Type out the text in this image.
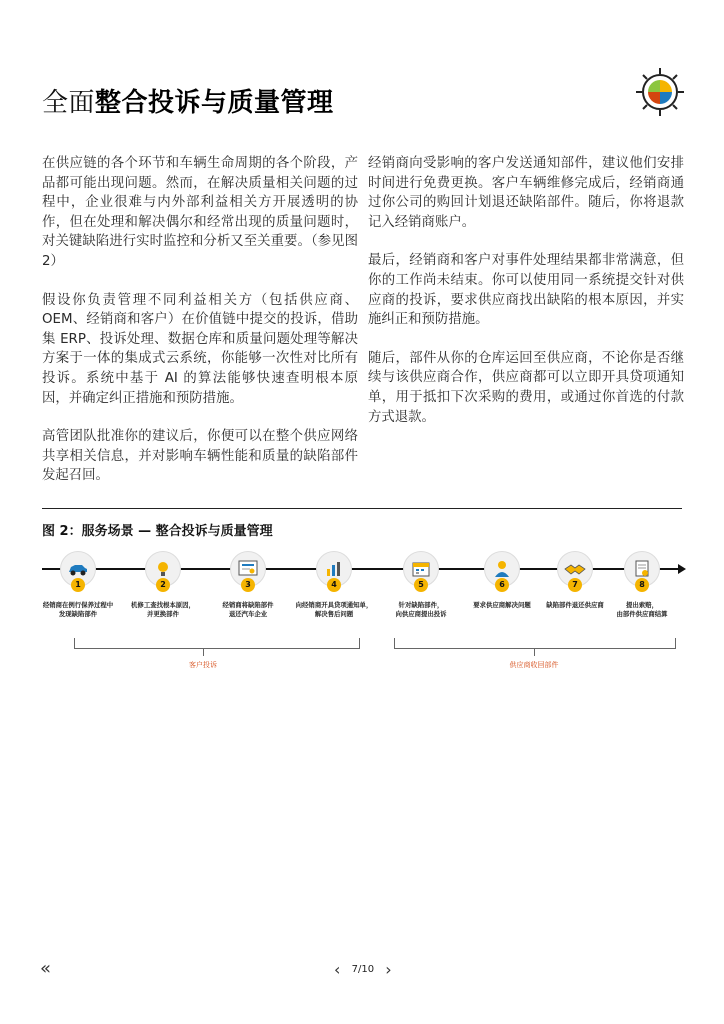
全面整合投诉与质量管理

在供应链的各个环节和车辆生命周期的各个阶段，产品都可能出现问题。然而，在解决质量相关问题的过程中，企业很难与内外部利益相关方开展透明的协作，但在处理和解决偶尔和经常出现的质量问题时，对关键缺陷进行实时监控和分析又至关重要。（参见图 2）

假设你负责管理不同利益相关方（包括供应商、OEM、经销商和客户）在价值链中提交的投诉，借助集 ERP、投诉处理、数据仓库和质量问题处理等解决方案于一体的集成式云系统，你能够一次性对比所有投诉。系统中基于 AI 的算法能够快速查明根本原因，并确定纠正措施和预防措施。

高管团队批准你的建议后，你便可以在整个供应网络共享相关信息，并对影响车辆性能和质量的缺陷部件发起召回。

经销商向受影响的客户发送通知部件，建议他们安排时间进行免费更换。客户车辆维修完成后，经销商通过你公司的购回计划退还缺陷部件。随后，你将退款记入经销商账户。

最后，经销商和客户对事件处理结果都非常满意，但你的工作尚未结束。你可以使用同一系统提交针对供应商的投诉，要求供应商找出缺陷的根本原因，并实施纠正和预防措施。

随后，部件从你的仓库运回至供应商，不论你是否继续与该供应商合作，供应商都可以立即开具贷项通知单，用于抵扣下次采购的费用，或通过你首选的付款方式退款。

图 2：服务场景 — 整合投诉与质量管理
1
经销商在例行保养过程中
发现缺陷部件
2
机修工查找根本原因，
并更换部件
3
经销商将缺陷部件
退还汽车企业
4
向经销商开具贷项通知单，
解决售后问题
5
针对缺陷部件，
向供应商提出投诉
6
要求供应商解决问题
7
缺陷部件退还供应商
8
提出索赔，
由部件供应商结算
客户投诉	供应商收回部件
«	‹ 7/10 ›
